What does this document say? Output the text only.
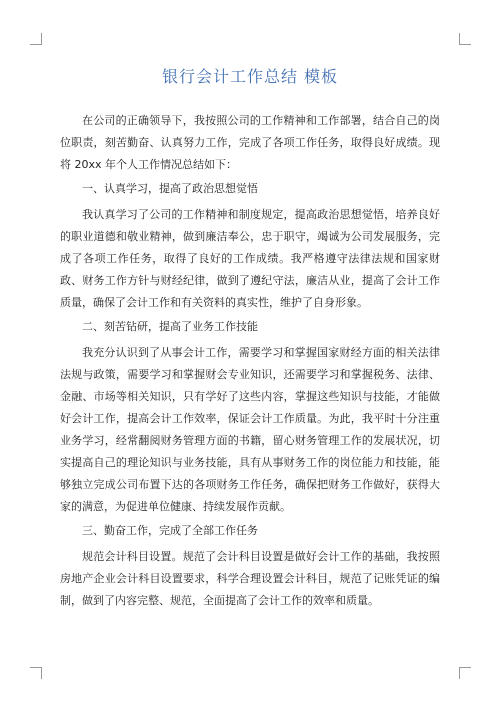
银行会计工作总结 模板

在公司的正确领导下，我按照公司的工作精神和工作部署，结合自己的岗位职责，刻苦勤奋、认真努力工作，完成了各项工作任务，取得良好成绩。现将 20xx 年个人工作情况总结如下：

一、认真学习，提高了政治思想觉悟

我认真学习了公司的工作精神和制度规定，提高政治思想觉悟，培养良好的职业道德和敬业精神，做到廉洁奉公，忠于职守，竭诚为公司发展服务，完成了各项工作任务，取得了良好的工作成绩。我严格遵守法律法规和国家财政、财务工作方针与财经纪律，做到了遵纪守法，廉洁从业，提高了会计工作质量，确保了会计工作和有关资料的真实性，维护了自身形象。

二、刻苦钻研，提高了业务工作技能

我充分认识到了从事会计工作，需要学习和掌握国家财经方面的相关法律法规与政策，需要学习和掌握财会专业知识，还需要学习和掌握税务、法律、金融、市场等相关知识，只有学好了这些内容，掌握这些知识与技能，才能做好会计工作，提高会计工作效率，保证会计工作质量。为此，我平时十分注重业务学习，经常翻阅财务管理方面的书籍，留心财务管理工作的发展状况，切实提高自己的理论知识与业务技能，具有从事财务工作的岗位能力和技能，能够独立完成公司布置下达的各项财务工作任务，确保把财务工作做好，获得大家的满意，为促进单位健康、持续发展作贡献。

三、勤奋工作，完成了全部工作任务

规范会计科目设置。规范了会计科目设置是做好会计工作的基础，我按照房地产企业会计科目设置要求，科学合理设置会计科目，规范了记账凭证的编制，做到了内容完整、规范，全面提高了会计工作的效率和质量。
